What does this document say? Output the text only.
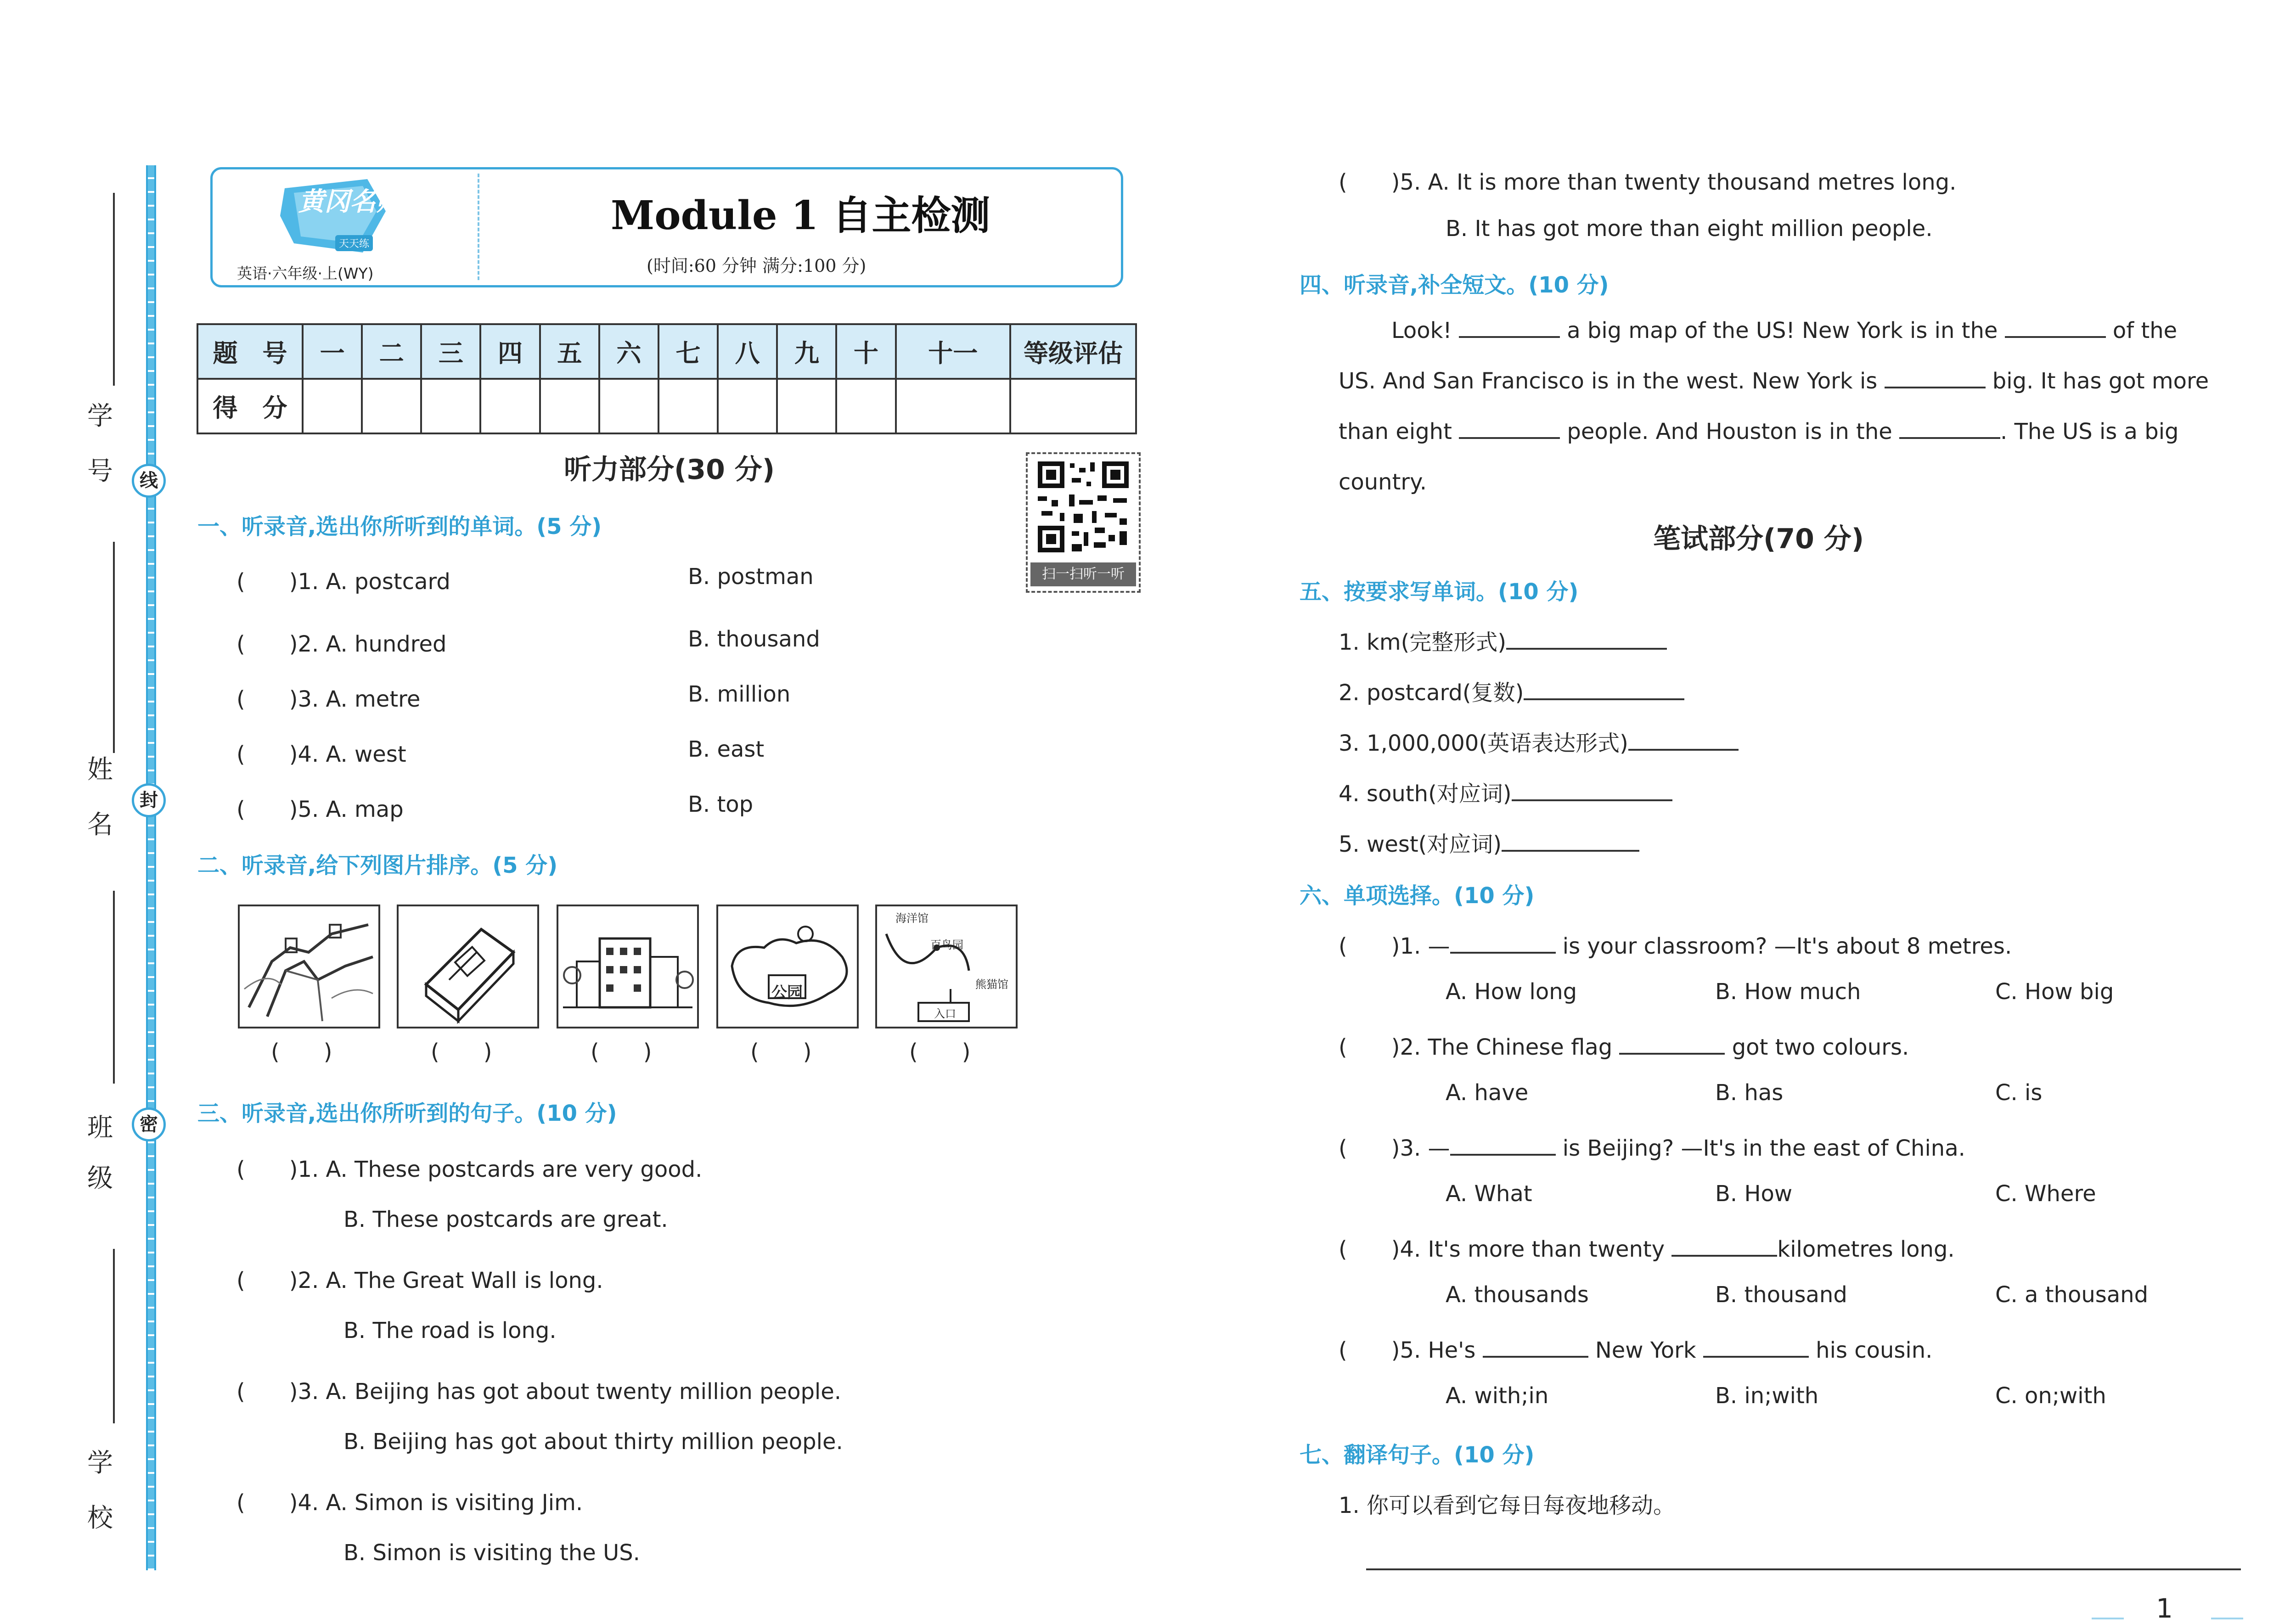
学
号
姓
名
班
级
学
校
线
封
密
黄冈名师
天天练
英语·六年级·上(WY)
Module 1 自主检测
(时间:60 分钟 满分:100 分)
题　号	一	二	三	四	五	六	七	八	九	十	十一	等级评估
得　分												
听力部分(30 分)
扫一扫听一听
一、听录音,选出你所听到的单词。(5 分)
(　　)1. A. postcard	B. postman
(　　)2. A. hundred	B. thousand
(　　)3. A. metre	B. million
(　　)4. A. west	B. east
(　　)5. A. map	B. top
二、听录音,给下列图片排序。(5 分)
公园
海洋馆
百鸟园
熊猫馆
入口
(　　)	(　　)	(　　)	(　　)	(　　)
三、听录音,选出你所听到的句子。(10 分)
(　　)1. A. These postcards are very good.
B. These postcards are great.
(　　)2. A. The Great Wall is long.
B. The road is long.
(　　)3. A. Beijing has got about twenty million people.
B. Beijing has got about thirty million people.
(　　)4. A. Simon is visiting Jim.
B. Simon is visiting the US.
(　　)5. A. It is more than twenty thousand metres long.
B. It has got more than eight million people.
四、听录音,补全短文。(10 分)
Look!	a big map of the US! New York is in the	of the
US. And San Francisco is in the west. New York is	big. It has got more
than eight	people. And Houston is in the	. The US is a big
country.
笔试部分(70 分)
五、按要求写单词。(10 分)
1. km(完整形式)
2. postcard(复数)
3. 1,000,000(英语表达形式)
4. south(对应词)
5. west(对应词)
六、单项选择。(10 分)
(　　)1. —	is your classroom? —It's about 8 metres.
A. How long	B. How much	C. How big
(　　)2. The Chinese flag	got two colours.
A. have	B. has	C. is
(　　)3. —	is Beijing? —It's in the east of China.
A. What	B. How	C. Where
(　　)4. It's more than twenty	kilometres long.
A. thousands	B. thousand	C. a thousand
(　　)5. He's	New York	his cousin.
A. with;in	B. in;with	C. on;with
七、翻译句子。(10 分)
1. 你可以看到它每日每夜地移动。
1
